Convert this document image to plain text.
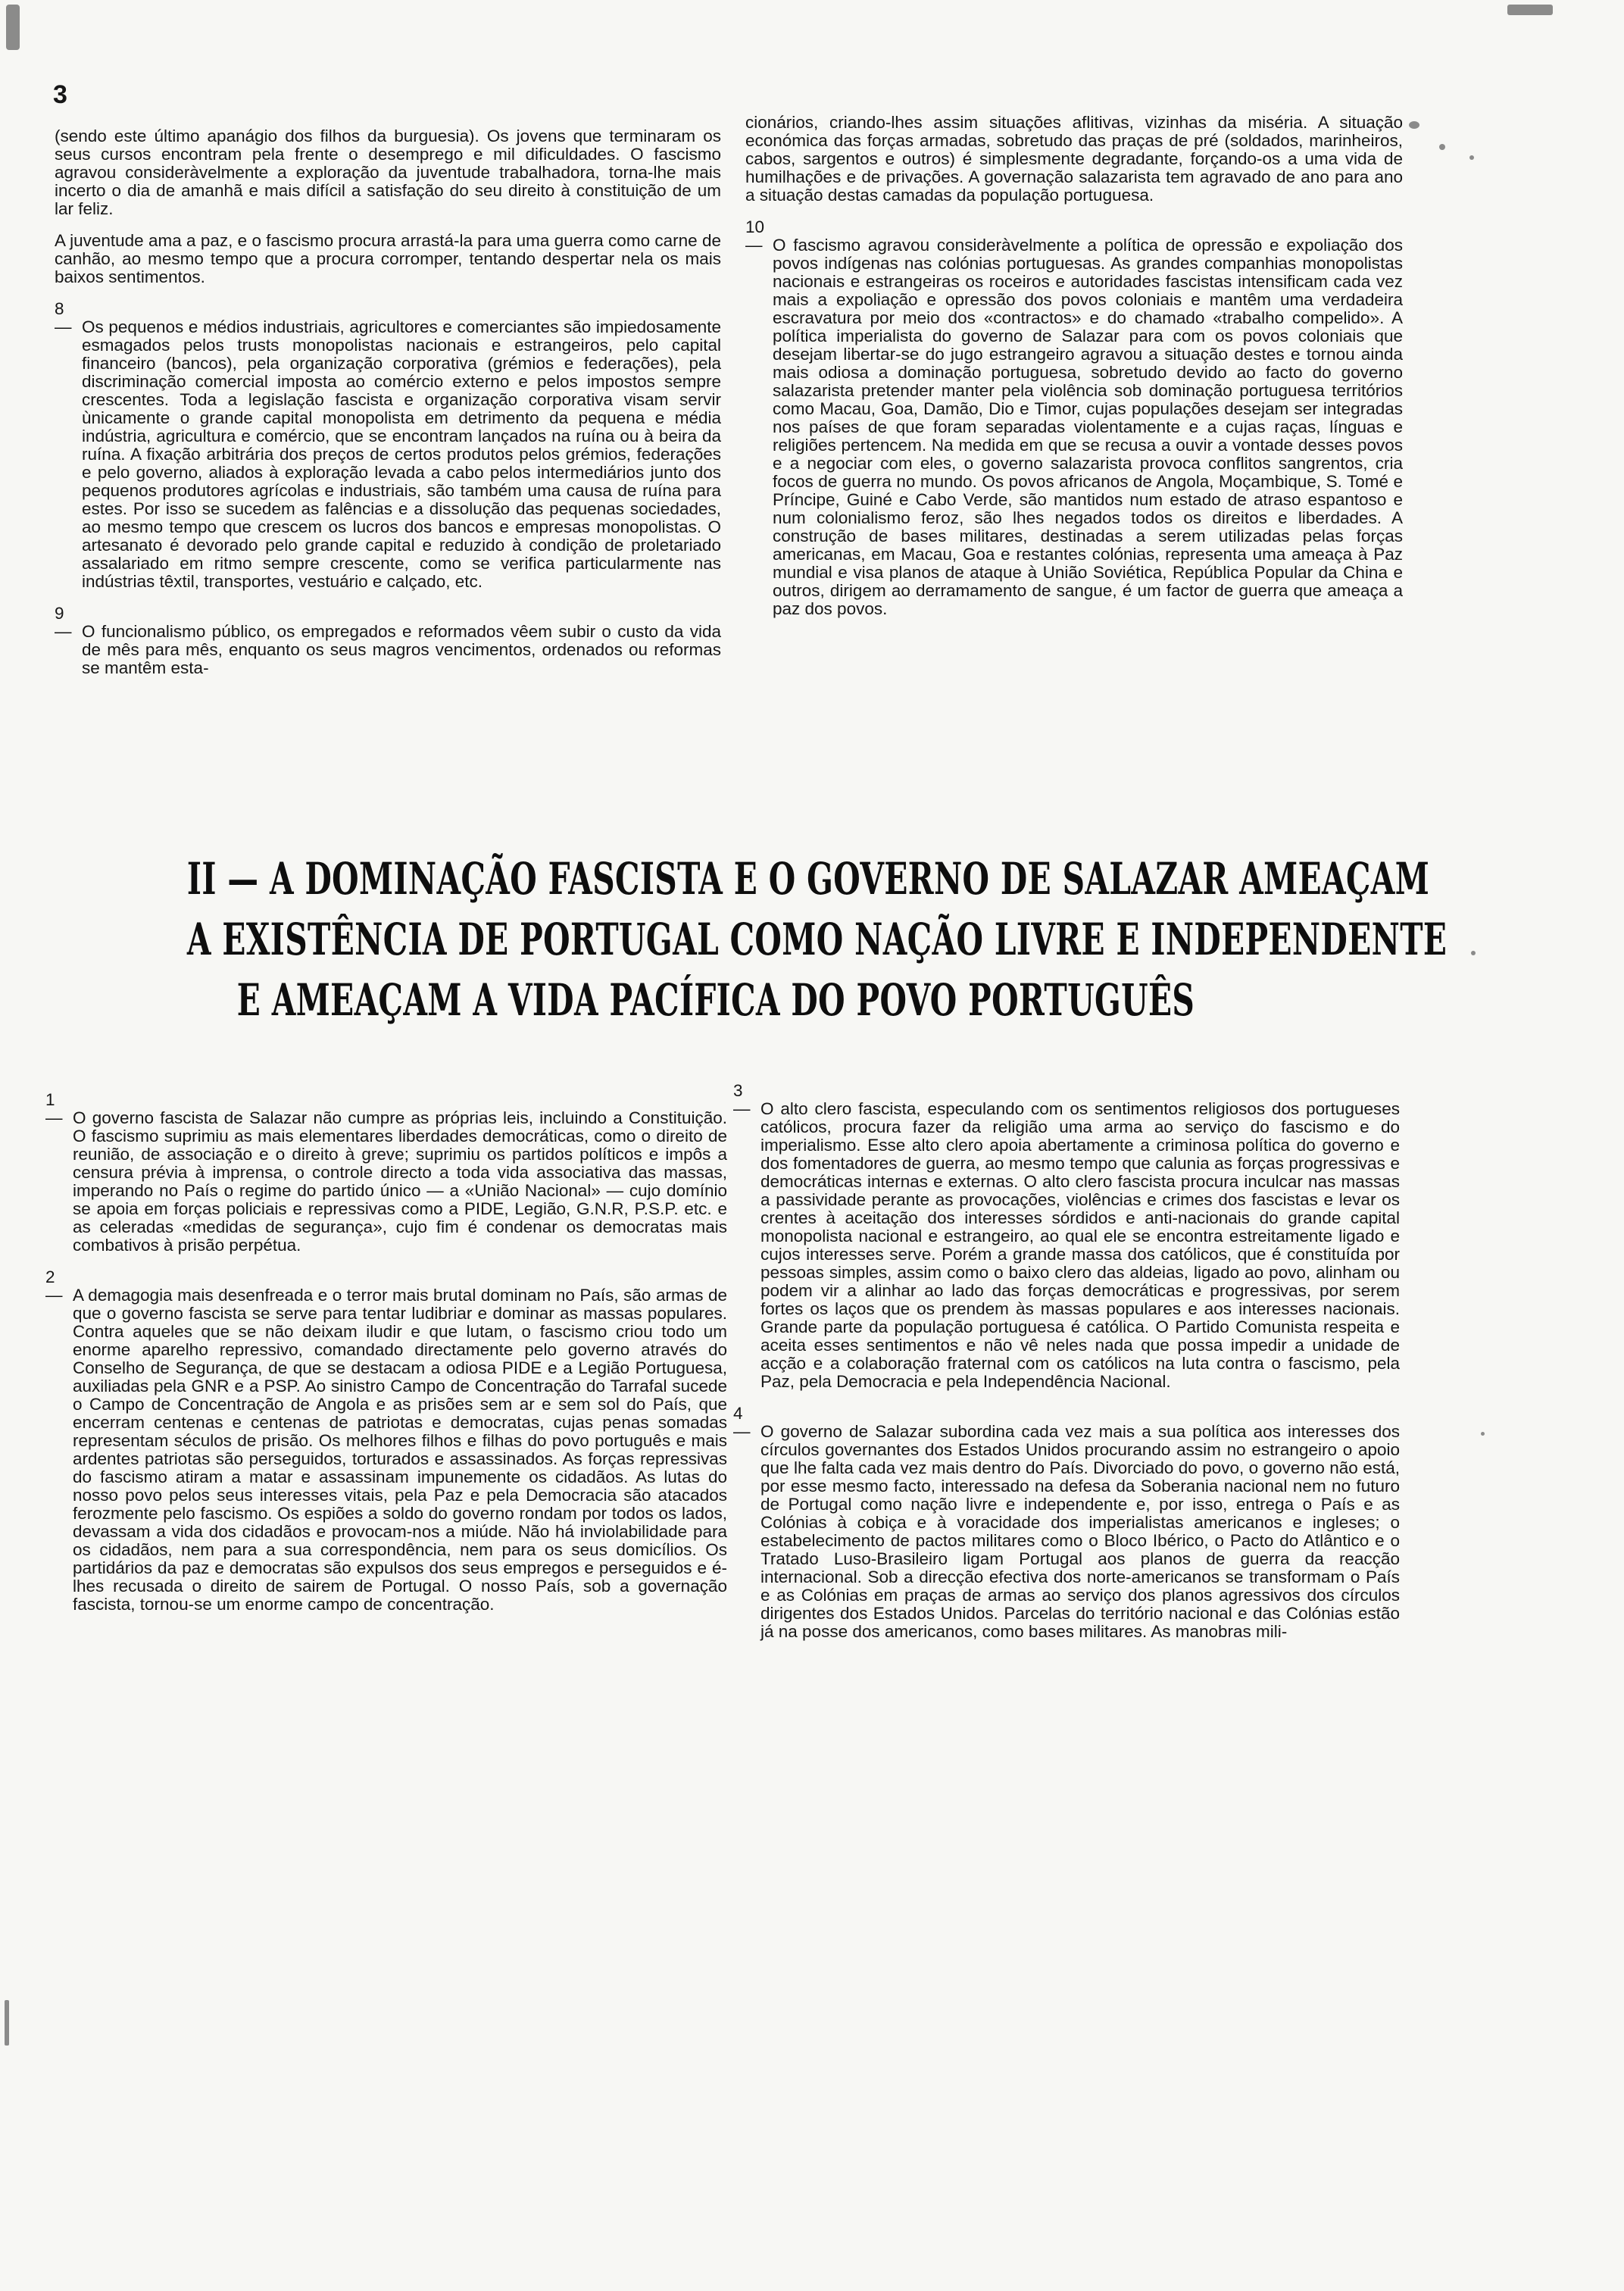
3

(sendo este último apanágio dos filhos da burguesia). Os jovens que terminaram os seus cursos encontram pela frente o desemprego e mil dificuldades. O fascismo agravou consideràvelmente a exploração da juventude trabalhadora, torna-lhe mais incerto o dia de amanhã e mais difícil a satisfação do seu direito à constituição de um lar feliz.

A juventude ama a paz, e o fascismo procura arrastá-la para uma guerra como carne de canhão, ao mesmo tempo que a procura corromper, tentando despertar nela os mais baixos sentimentos.

8 — Os pequenos e médios industriais, agricultores e comerciantes são impiedosamente esmagados pelos trusts monopolistas nacionais e estrangeiros, pelo capital financeiro (bancos), pela organização corporativa (grémios e federações), pela discriminação comercial imposta ao comércio externo e pelos impostos sempre crescentes. Toda a legislação fascista e organização corporativa visam servir ùnicamente o grande capital monopolista em detrimento da pequena e média indústria, agricultura e comércio, que se encontram lançados na ruína ou à beira da ruína. A fixação arbitrária dos preços de certos produtos pelos grémios, federações e pelo governo, aliados à exploração levada a cabo pelos intermediários junto dos pequenos produtores agrícolas e industriais, são também uma causa de ruína para estes. Por isso se sucedem as falências e a dissolução das pequenas sociedades, ao mesmo tempo que crescem os lucros dos bancos e empresas monopolistas. O artesanato é devorado pelo grande capital e reduzido à condição de proletariado assalariado em ritmo sempre crescente, como se verifica particularmente nas indústrias têxtil, transportes, vestuário e calçado, etc.
9 — O funcionalismo público, os empregados e reformados vêem subir o custo da vida de mês para mês, enquanto os seus magros vencimentos, ordenados ou reformas se mantêm esta-

cionários, criando-lhes assim situações aflitivas, vizinhas da miséria. A situação económica das forças armadas, sobretudo das praças de pré (soldados, marinheiros, cabos, sargentos e outros) é simplesmente degradante, forçando-os a uma vida de humilhações e de privações. A governação salazarista tem agravado de ano para ano a situação destas camadas da população portuguesa.

10 — O fascismo agravou consideràvelmente a política de opressão e expoliação dos povos indígenas nas colónias portuguesas. As grandes companhias monopolistas nacionais e estrangeiras os roceiros e autoridades fascistas intensificam cada vez mais a expoliação e opressão dos povos coloniais e mantêm uma verdadeira escravatura por meio dos «contractos» e do chamado «trabalho compelido». A política imperialista do governo de Salazar para com os povos coloniais que desejam libertar-se do jugo estrangeiro agravou a situação destes e tornou ainda mais odiosa a dominação portuguesa, sobretudo devido ao facto do governo salazarista pretender manter pela violência sob dominação portuguesa territórios como Macau, Goa, Damão, Dio e Timor, cujas populações desejam ser integradas nos países de que foram separadas violentamente e a cujas raças, línguas e religiões pertencem. Na medida em que se recusa a ouvir a vontade desses povos e a negociar com eles, o governo salazarista provoca conflitos sangrentos, cria focos de guerra no mundo. Os povos africanos de Angola, Moçambique, S. Tomé e Príncipe, Guiné e Cabo Verde, são mantidos num estado de atraso espantoso e num colonialismo feroz, são lhes negados todos os direitos e liberdades. A construção de bases militares, destinadas a serem utilizadas pelas forças americanas, em Macau, Goa e restantes colónias, representa uma ameaça à Paz mundial e visa planos de ataque à União Soviética, República Popular da China e outros, dirigem ao derramamento de sangue, é um factor de guerra que ameaça a paz dos povos.
II — A DOMINAÇÃO FASCISTA E O GOVERNO DE SALAZAR AMEAÇAM
A EXISTÊNCIA DE PORTUGAL COMO NAÇÃO LIVRE E INDEPENDENTE
E AMEAÇAM A VIDA PACÍFICA DO POVO PORTUGUÊS
1 — O governo fascista de Salazar não cumpre as próprias leis, incluindo a Constituição. O fascismo suprimiu as mais elementares liberdades democráticas, como o direito de reunião, de associação e o direito à greve; suprimiu os partidos políticos e impôs a censura prévia à imprensa, o controle directo a toda vida associativa das massas, imperando no País o regime do partido único — a «União Nacional» — cujo domínio se apoia em forças policiais e repressivas como a PIDE, Legião, G.N.R, P.S.P. etc. e as celeradas «medidas de segurança», cujo fim é condenar os democratas mais combativos à prisão perpétua.
2 — A demagogia mais desenfreada e o terror mais brutal dominam no País, são armas de que o governo fascista se serve para tentar ludibriar e dominar as massas populares. Contra aqueles que se não deixam iludir e que lutam, o fascismo criou todo um enorme aparelho repressivo, comandado directamente pelo governo através do Conselho de Segurança, de que se destacam a odiosa PIDE e a Legião Portuguesa, auxiliadas pela GNR e a PSP. Ao sinistro Campo de Concentração do Tarrafal sucede o Campo de Concentração de Angola e as prisões sem ar e sem sol do País, que encerram centenas e centenas de patriotas e democratas, cujas penas somadas representam séculos de prisão. Os melhores filhos e filhas do povo português e mais ardentes patriotas são perseguidos, torturados e assassinados. As forças repressivas do fascismo atiram a matar e assassinam impunemente os cidadãos. As lutas do nosso povo pelos seus interesses vitais, pela Paz e pela Democracia são atacados ferozmente pelo fascismo. Os espiões a soldo do governo rondam por todos os lados, devassam a vida dos cidadãos e provocam-nos a miúde. Não há inviolabilidade para os cidadãos, nem para a sua correspondência, nem para os seus domicílios. Os partidários da paz e democratas são expulsos dos seus empregos e perseguidos e é-lhes recusada o direito de sairem de Portugal. O nosso País, sob a governação fascista, tornou-se um enorme campo de concentração.
3 — O alto clero fascista, especulando com os sentimentos religiosos dos portugueses católicos, procura fazer da religião uma arma ao serviço do fascismo e do imperialismo. Esse alto clero apoia abertamente a criminosa política do governo e dos fomentadores de guerra, ao mesmo tempo que calunia as forças progressivas e democráticas internas e externas. O alto clero fascista procura inculcar nas massas a passividade perante as provocações, violências e crimes dos fascistas e levar os crentes à aceitação dos interesses sórdidos e anti-nacionais do grande capital monopolista nacional e estrangeiro, ao qual ele se encontra estreitamente ligado e cujos interesses serve. Porém a grande massa dos católicos, que é constituída por pessoas simples, assim como o baixo clero das aldeias, ligado ao povo, alinham ou podem vir a alinhar ao lado das forças democráticas e progressivas, por serem fortes os laços que os prendem às massas populares e aos interesses nacionais. Grande parte da população portuguesa é católica. O Partido Comunista respeita e aceita esses sentimentos e não vê neles nada que possa impedir a unidade de acção e a colaboração fraternal com os católicos na luta contra o fascismo, pela Paz, pela Democracia e pela Independência Nacional.
4 — O governo de Salazar subordina cada vez mais a sua política aos interesses dos círculos governantes dos Estados Unidos procurando assim no estrangeiro o apoio que lhe falta cada vez mais dentro do País. Divorciado do povo, o governo não está, por esse mesmo facto, interessado na defesa da Soberania nacional nem no futuro de Portugal como nação livre e independente e, por isso, entrega o País e as Colónias à cobiça e à voracidade dos imperialistas americanos e ingleses; o estabelecimento de pactos militares como o Bloco Ibérico, o Pacto do Atlântico e o Tratado Luso-Brasileiro ligam Portugal aos planos de guerra da reacção internacional. Sob a direcção efectiva dos norte-americanos se transformam o País e as Colónias em praças de armas ao serviço dos planos agressivos dos círculos dirigentes dos Estados Unidos. Parcelas do território nacional e das Colónias estão já na posse dos americanos, como bases militares. As manobras mili-
